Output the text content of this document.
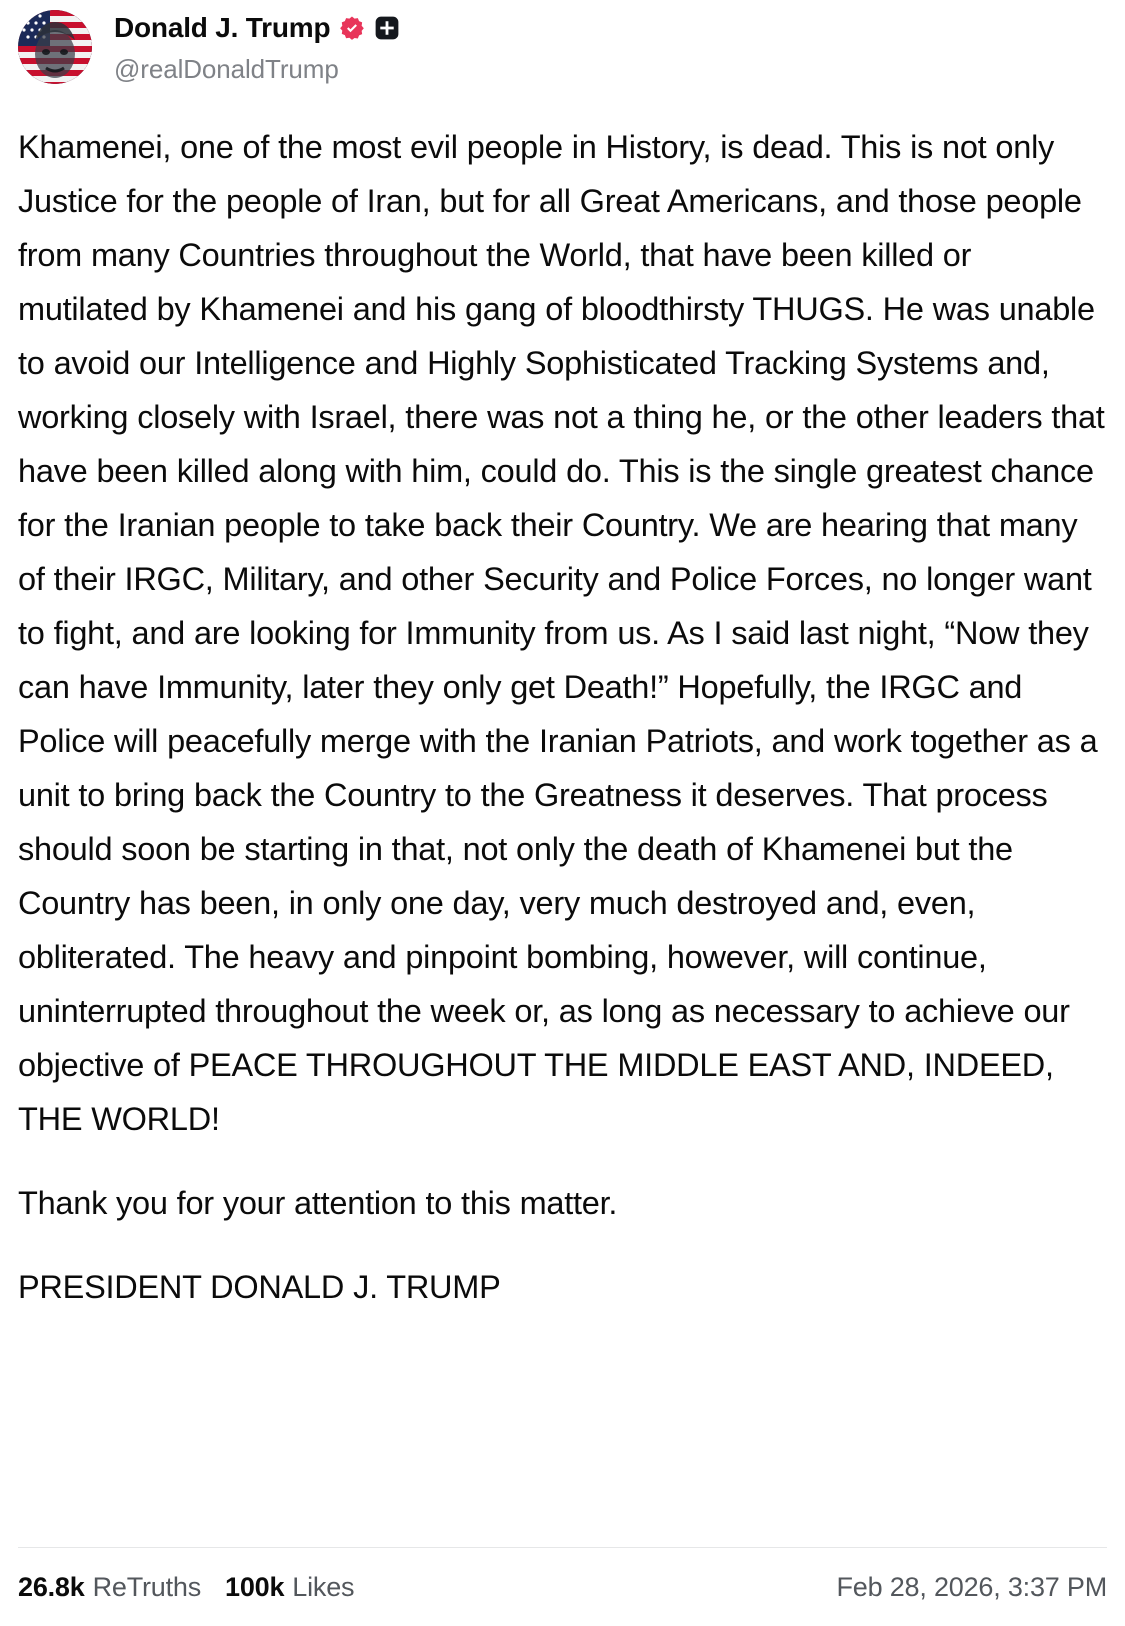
Donald J. Trump
@realDonaldTrump

Khamenei, one of the most evil people in History, is dead. This is not only Justice for the people of Iran, but for all Great Americans, and those people from many Countries throughout the World, that have been killed or mutilated by Khamenei and his gang of bloodthirsty THUGS. He was unable to avoid our Intelligence and Highly Sophisticated Tracking Systems and, working closely with Israel, there was not a thing he, or the other leaders that have been killed along with him, could do. This is the single greatest chance for the Iranian people to take back their Country. We are hearing that many of their IRGC, Military, and other Security and Police Forces, no longer want to fight, and are looking for Immunity from us. As I said last night, “Now they can have Immunity, later they only get Death!” Hopefully, the IRGC and Police will peacefully merge with the Iranian Patriots, and work together as a unit to bring back the Country to the Greatness it deserves. That process should soon be starting in that, not only the death of Khamenei but the Country has been, in only one day, very much destroyed and, even, obliterated. The heavy and pinpoint bombing, however, will continue, uninterrupted throughout the week or, as long as necessary to achieve our objective of PEACE THROUGHOUT THE MIDDLE EAST AND, INDEED, THE WORLD!

Thank you for your attention to this matter.

PRESIDENT DONALD J. TRUMP

26.8k ReTruths 100k Likes	Feb 28, 2026, 3:37 PM
